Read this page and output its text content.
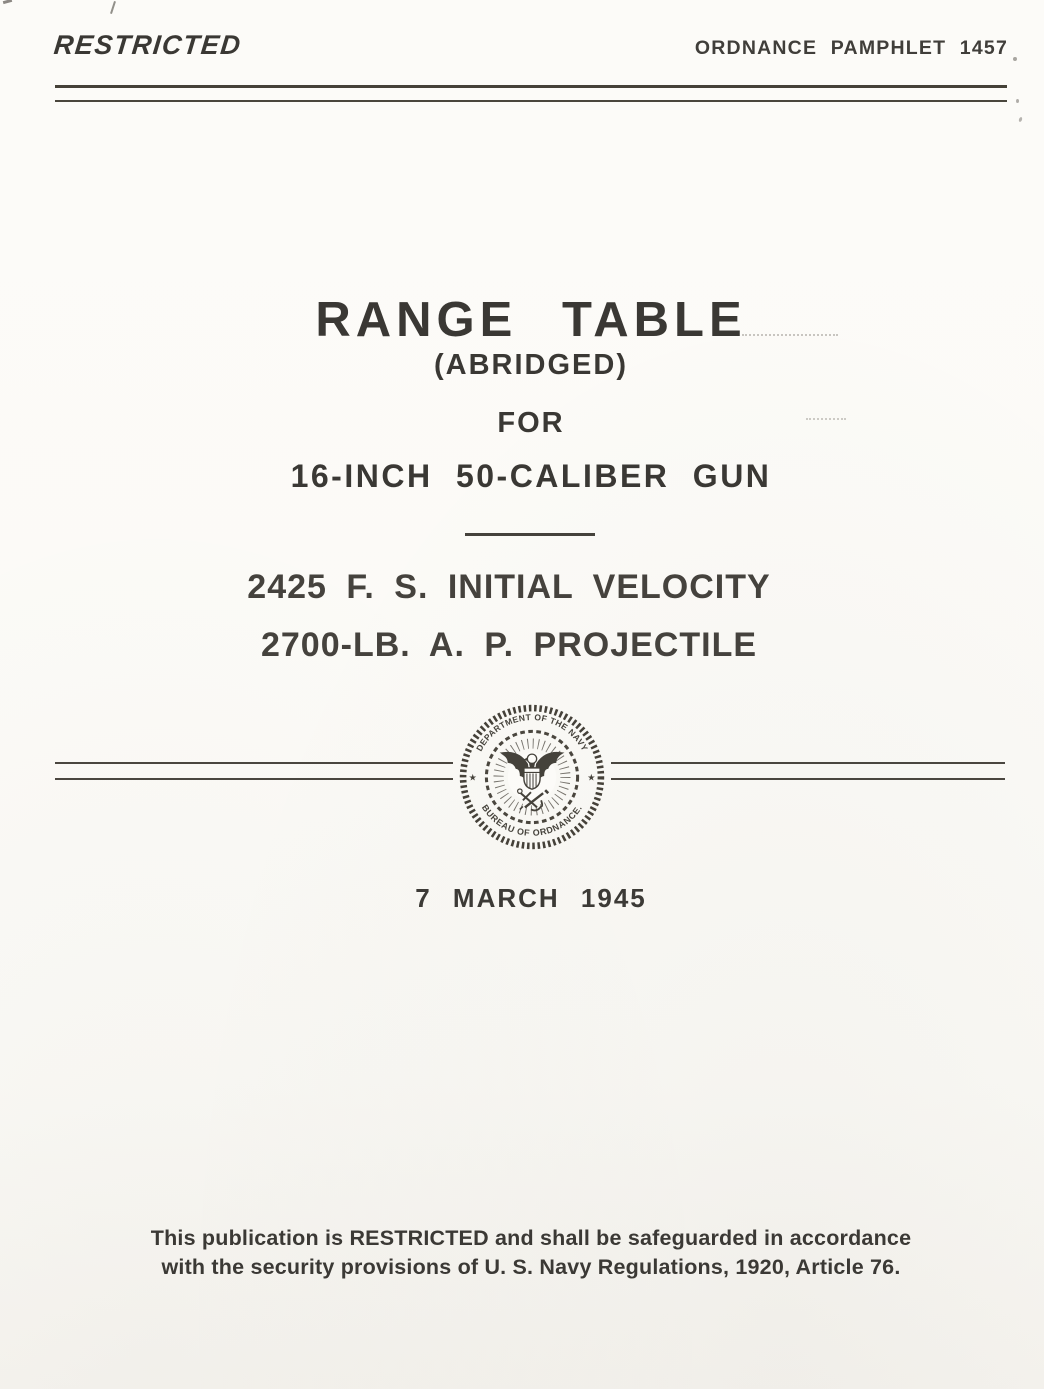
RESTRICTED	ORDNANCE PAMPHLET 1457
RANGE TABLE
(ABRIDGED)
FOR
16-INCH 50-CALIBER GUN
2425 F. S. INITIAL VELOCITY
2700-LB. A. P. PROJECTILE
DEPARTMENT OF THE NAVY
BUREAU OF ORDNANCE.
★	★
7 MARCH 1945
This publication is RESTRICTED and shall be safeguarded in accordance
with the security provisions of U. S. Navy Regulations, 1920, Article 76.
